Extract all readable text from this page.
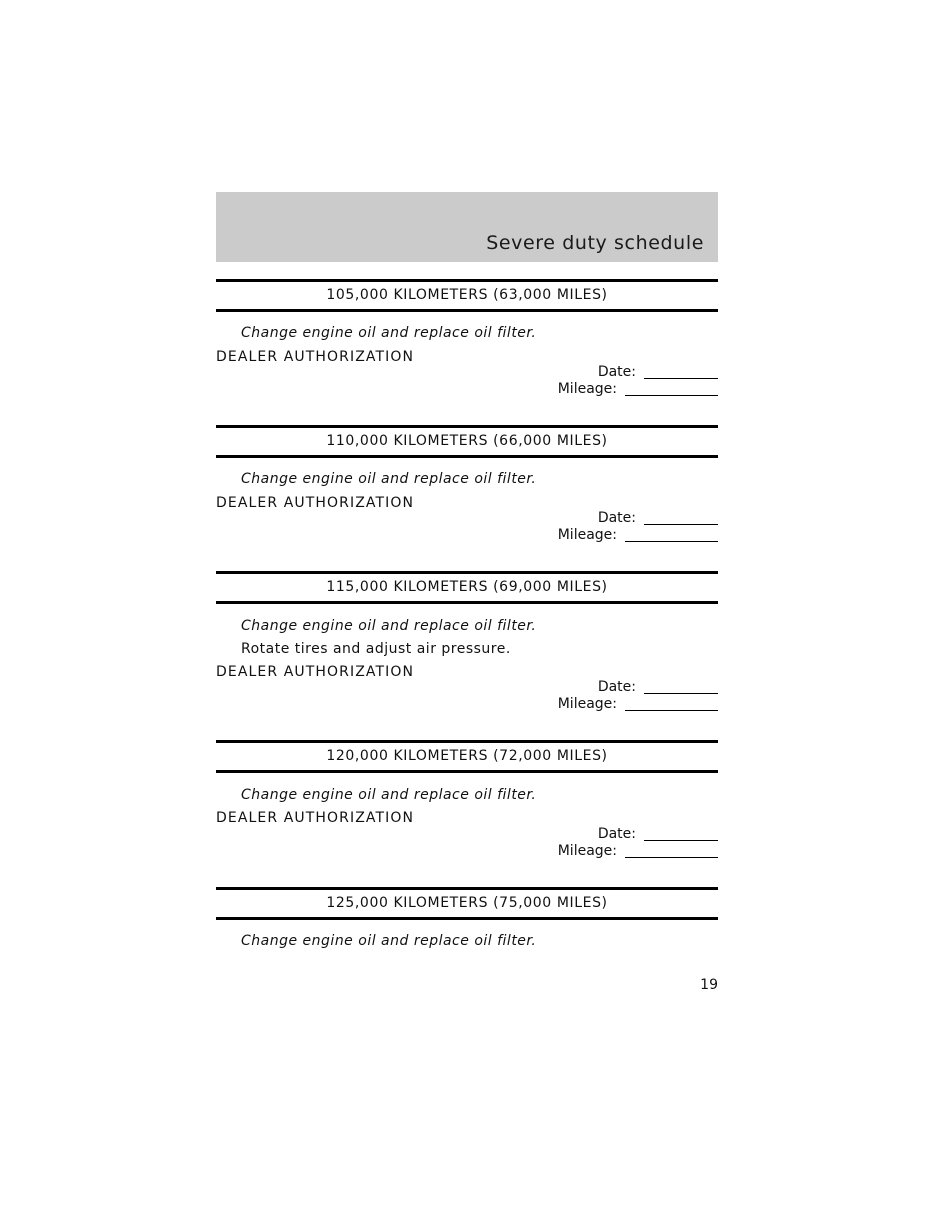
Severe duty schedule
105,000 KILOMETERS (63,000 MILES)
Change engine oil and replace oil filter.
DEALER AUTHORIZATION
Date:
Mileage:
110,000 KILOMETERS (66,000 MILES)
Change engine oil and replace oil filter.
DEALER AUTHORIZATION
Date:
Mileage:
115,000 KILOMETERS (69,000 MILES)
Change engine oil and replace oil filter.
Rotate tires and adjust air pressure.
DEALER AUTHORIZATION
Date:
Mileage:
120,000 KILOMETERS (72,000 MILES)
Change engine oil and replace oil filter.
DEALER AUTHORIZATION
Date:
Mileage:
125,000 KILOMETERS (75,000 MILES)
Change engine oil and replace oil filter.
19
